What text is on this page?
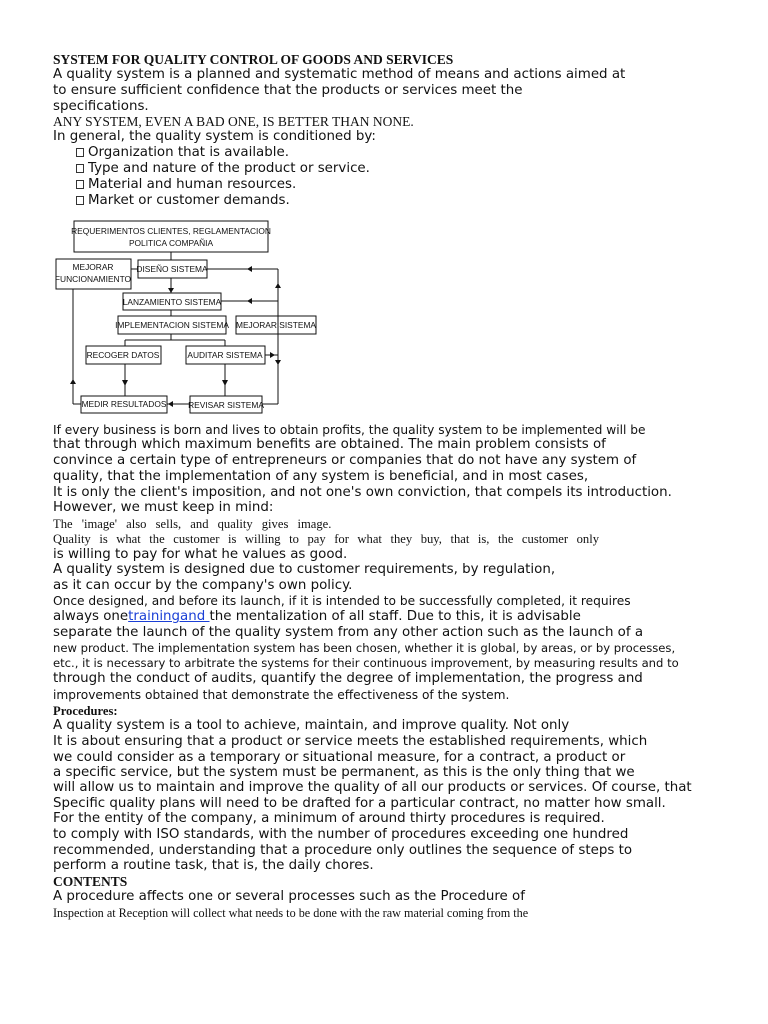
SYSTEM FOR QUALITY CONTROL OF GOODS AND SERVICES
A quality system is a planned and systematic method of means and actions aimed at
to ensure sufficient confidence that the products or services meet the
specifications.
ANY SYSTEM, EVEN A BAD ONE, IS BETTER THAN NONE.
In general, the quality system is conditioned by:
Organization that is available.
Type and nature of the product or service.
Material and human resources.
Market or customer demands.
REQUERIMENTOS CLIENTES, REGLAMENTACION
POLITICA COMPAÑIA
MEJORAR
FUNCIONAMIENTO
DISEÑO SISTEMA
LANZAMIENTO SISTEMA
IMPLEMENTACION SISTEMA MEJORAR SISTEMA
RECOGER DATOS	AUDITAR SISTEMA
MEDIR RESULTADOS	REVISAR SISTEMA
If every business is born and lives to obtain profits, the quality system to be implemented will be
that through which maximum benefits are obtained. The main problem consists of
convince a certain type of entrepreneurs or companies that do not have any system of
quality, that the implementation of any system is beneficial, and in most cases,
It is only the client's imposition, and not one's own conviction, that compels its introduction.
However, we must keep in mind:
The 'image' also sells, and quality gives image.
Quality is what the customer is willing to pay for what they buy, that is, the customer only
is willing to pay for what he values as good.
A quality system is designed due to customer requirements, by regulation,
as it can occur by the company's own policy.
Once designed, and before its launch, if it is intended to be successfully completed, it requires
always onetrainingand the mentalization of all staff. Due to this, it is advisable
separate the launch of the quality system from any other action such as the launch of a
new product. The implementation system has been chosen, whether it is global, by areas, or by processes,
etc., it is necessary to arbitrate the systems for their continuous improvement, by measuring results and to
through the conduct of audits, quantify the degree of implementation, the progress and
improvements obtained that demonstrate the effectiveness of the system.
Procedures:
A quality system is a tool to achieve, maintain, and improve quality. Not only
It is about ensuring that a product or service meets the established requirements, which
we could consider as a temporary or situational measure, for a contract, a product or
a specific service, but the system must be permanent, as this is the only thing that we
will allow us to maintain and improve the quality of all our products or services. Of course, that
Specific quality plans will need to be drafted for a particular contract, no matter how small.
For the entity of the company, a minimum of around thirty procedures is required.
to comply with ISO standards, with the number of procedures exceeding one hundred
recommended, understanding that a procedure only outlines the sequence of steps to
perform a routine task, that is, the daily chores.
CONTENTS
A procedure affects one or several processes such as the Procedure of
Inspection at Reception will collect what needs to be done with the raw material coming from the
